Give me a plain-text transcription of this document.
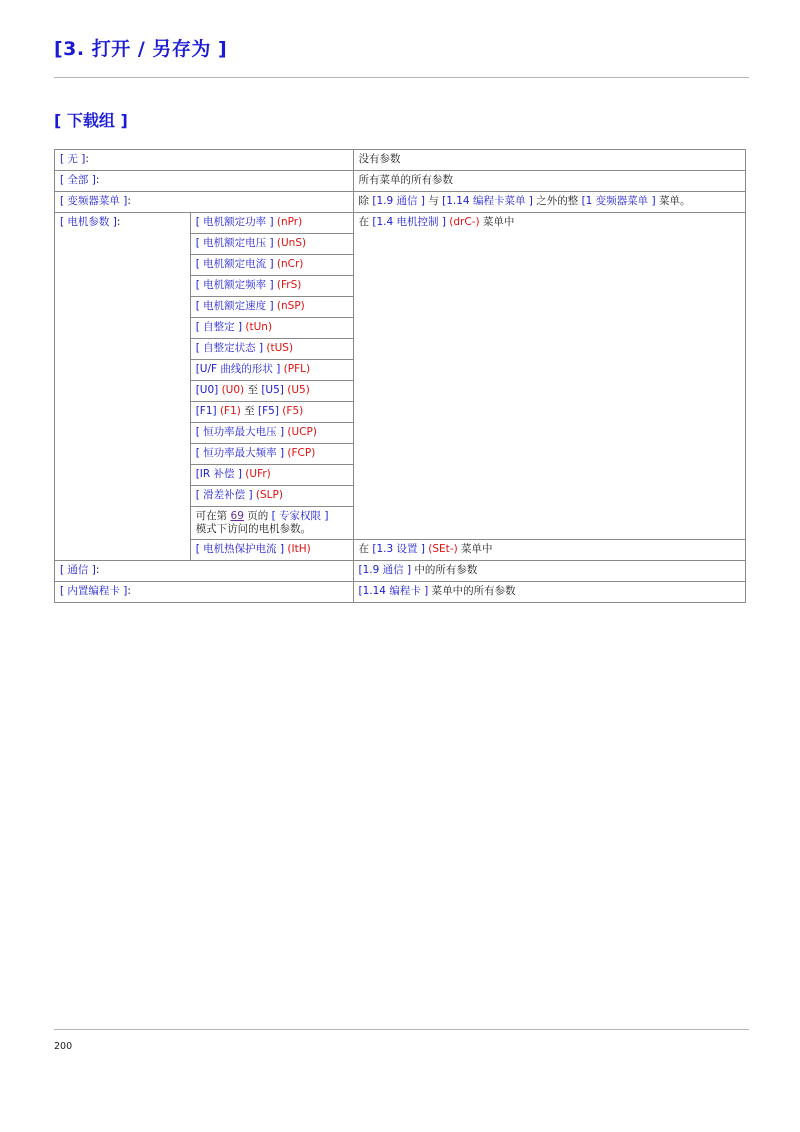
[3. 打开 / 另存为 ]
[ 下载组 ]
[ 无 ]:		没有参数
[ 全部 ]:		所有菜单的所有参数
[ 变频器菜单 ]:		除 [1.9 通信 ] 与 [1.14 编程卡菜单 ] 之外的整 [1 变频器菜单 ] 菜单。
[ 电机参数 ]:	[ 电机额定功率 ] (nPr)	在 [1.4 电机控制 ] (drC-) 菜单中
	[ 电机额定电压 ] (UnS)	
	[ 电机额定电流 ] (nCr)	
	[ 电机额定频率 ] (FrS)	
	[ 电机额定速度 ] (nSP)	
	[ 自整定 ] (tUn)	
	[ 自整定状态 ] (tUS)	
	[U/F 曲线的形状 ] (PFL)	
	[U0] (U0) 至 [U5] (U5)	
	[F1] (F1) 至 [F5] (F5)	
	[ 恒功率最大电压 ] (UCP)	
	[ 恒功率最大频率 ] (FCP)	
	[IR 补偿 ] (UFr)	
	[ 滑差补偿 ] (SLP)	
	可在第 69 页的 [ 专家权限 ]
模式下访问的电机参数。	
	[ 电机热保护电流 ] (ItH)	在 [1.3 设置 ] (SEt-) 菜单中
[ 通信 ]:		[1.9 通信 ] 中的所有参数
[ 内置编程卡 ]:		[1.14 编程卡 ] 菜单中的所有参数
200
